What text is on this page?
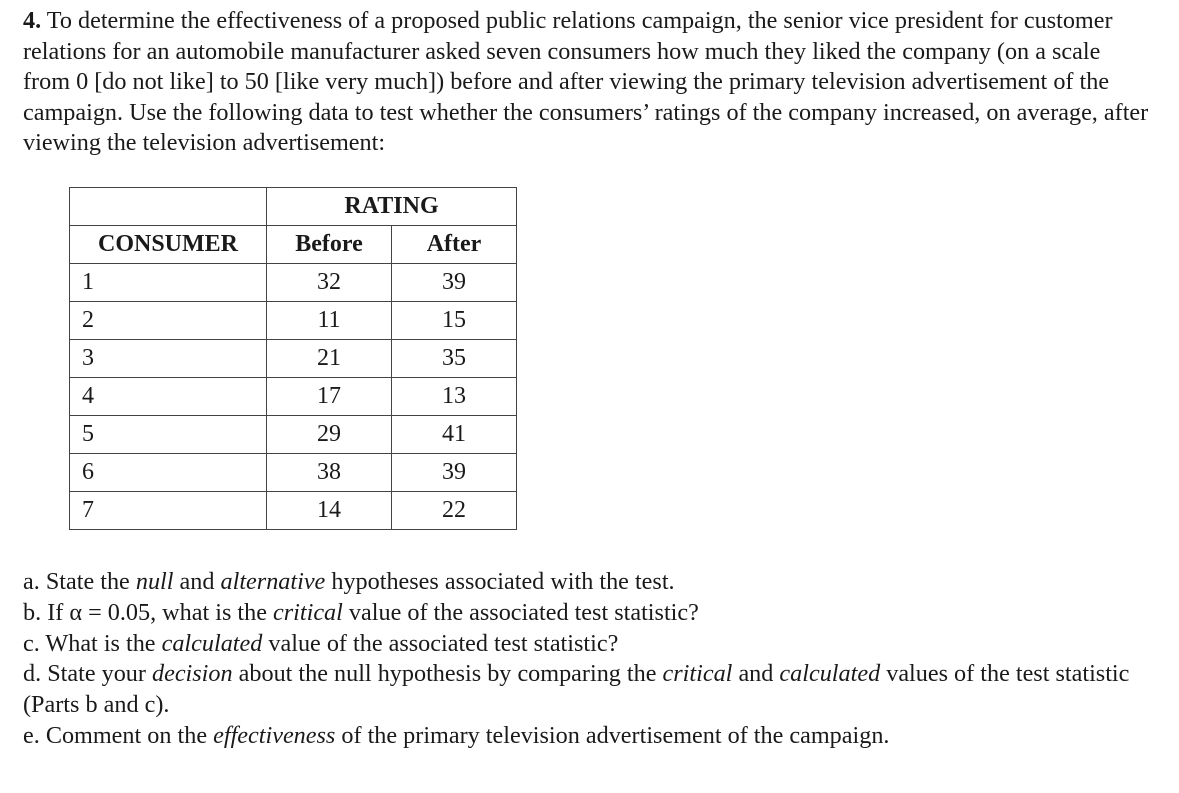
4. To determine the effectiveness of a proposed public relations campaign, the senior vice president for customer relations for an automobile manufacturer asked seven consumers how much they liked the company (on a scale from 0 [do not like] to 50 [like very much]) before and after viewing the primary television advertisement of the campaign. Use the following data to test whether the consumers’ ratings of the company increased, on average, after viewing the television advertisement:
	RATING	
CONSUMER	Before	After
1	32	39
2	11	15
3	21	35
4	17	13
5	29	41
6	38	39
7	14	22

a. State the null and alternative hypotheses associated with the test.

b. If α = 0.05, what is the critical value of the associated test statistic?

c. What is the calculated value of the associated test statistic?

d. State your decision about the null hypothesis by comparing the critical and calculated values of the test statistic (Parts b and c).

e. Comment on the effectiveness of the primary television advertisement of the campaign.
